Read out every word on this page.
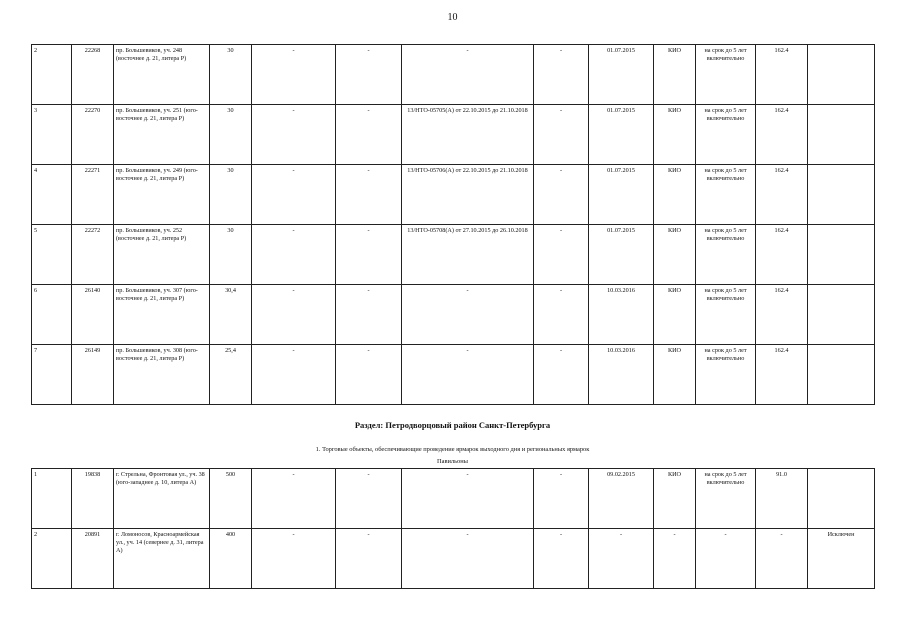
10
2	22268	пр. Большевиков, уч. 248 (восточнее д. 21, литера Р)	30	-	-	-	-	01.07.2015	КИО	на срок до 5 лет включительно	162.4	
3	22270	пр. Большевиков, уч. 251 (юго-восточнее д. 21, литера Р)	30	-	-	13/НТО-05705(А) от 22.10.2015 до 21.10.2018	-	01.07.2015	КИО	на срок до 5 лет включительно	162.4	
4	22271	пр. Большевиков, уч. 249 (юго-восточнее д. 21, литера Р)	30	-	-	13/НТО-05706(А) от 22.10.2015 до 21.10.2018	-	01.07.2015	КИО	на срок до 5 лет включительно	162.4	
5	22272	пр. Большевиков, уч. 252 (восточнее д. 21, литера Р)	30	-	-	13/НТО-05708(А) от 27.10.2015 до 26.10.2018	-	01.07.2015	КИО	на срок до 5 лет включительно	162.4	
6	26140	пр. Большевиков, уч. 307 (юго-восточнее д. 21, литера Р)	30,4	-	-	-	-	10.03.2016	КИО	на срок до 5 лет включительно	162.4	
7	26149	пр. Большевиков, уч. 308 (юго-восточнее д. 21, литера Р)	25,4	-	-	-	-	10.03.2016	КИО	на срок до 5 лет включительно	162.4	
Раздел: Петродворцовый район Санкт-Петербурга
1. Торговые объекты, обеспечивающие проведение ярмарок выходного дня и региональных ярмарок
Павильоны
1	19838	г. Стрельна, Фронтовая ул., уч. 38 (юго-западнее д. 10, литера А)	500	-	-	-	-	09.02.2015	КИО	на срок до 5 лет включительно	91.0	
2	20891	г. Ломоносов, Красноармейская ул., уч. 14 (севернее д. 31, литера А)	400	-	-	-	-	-	-	-	-	Исключен
